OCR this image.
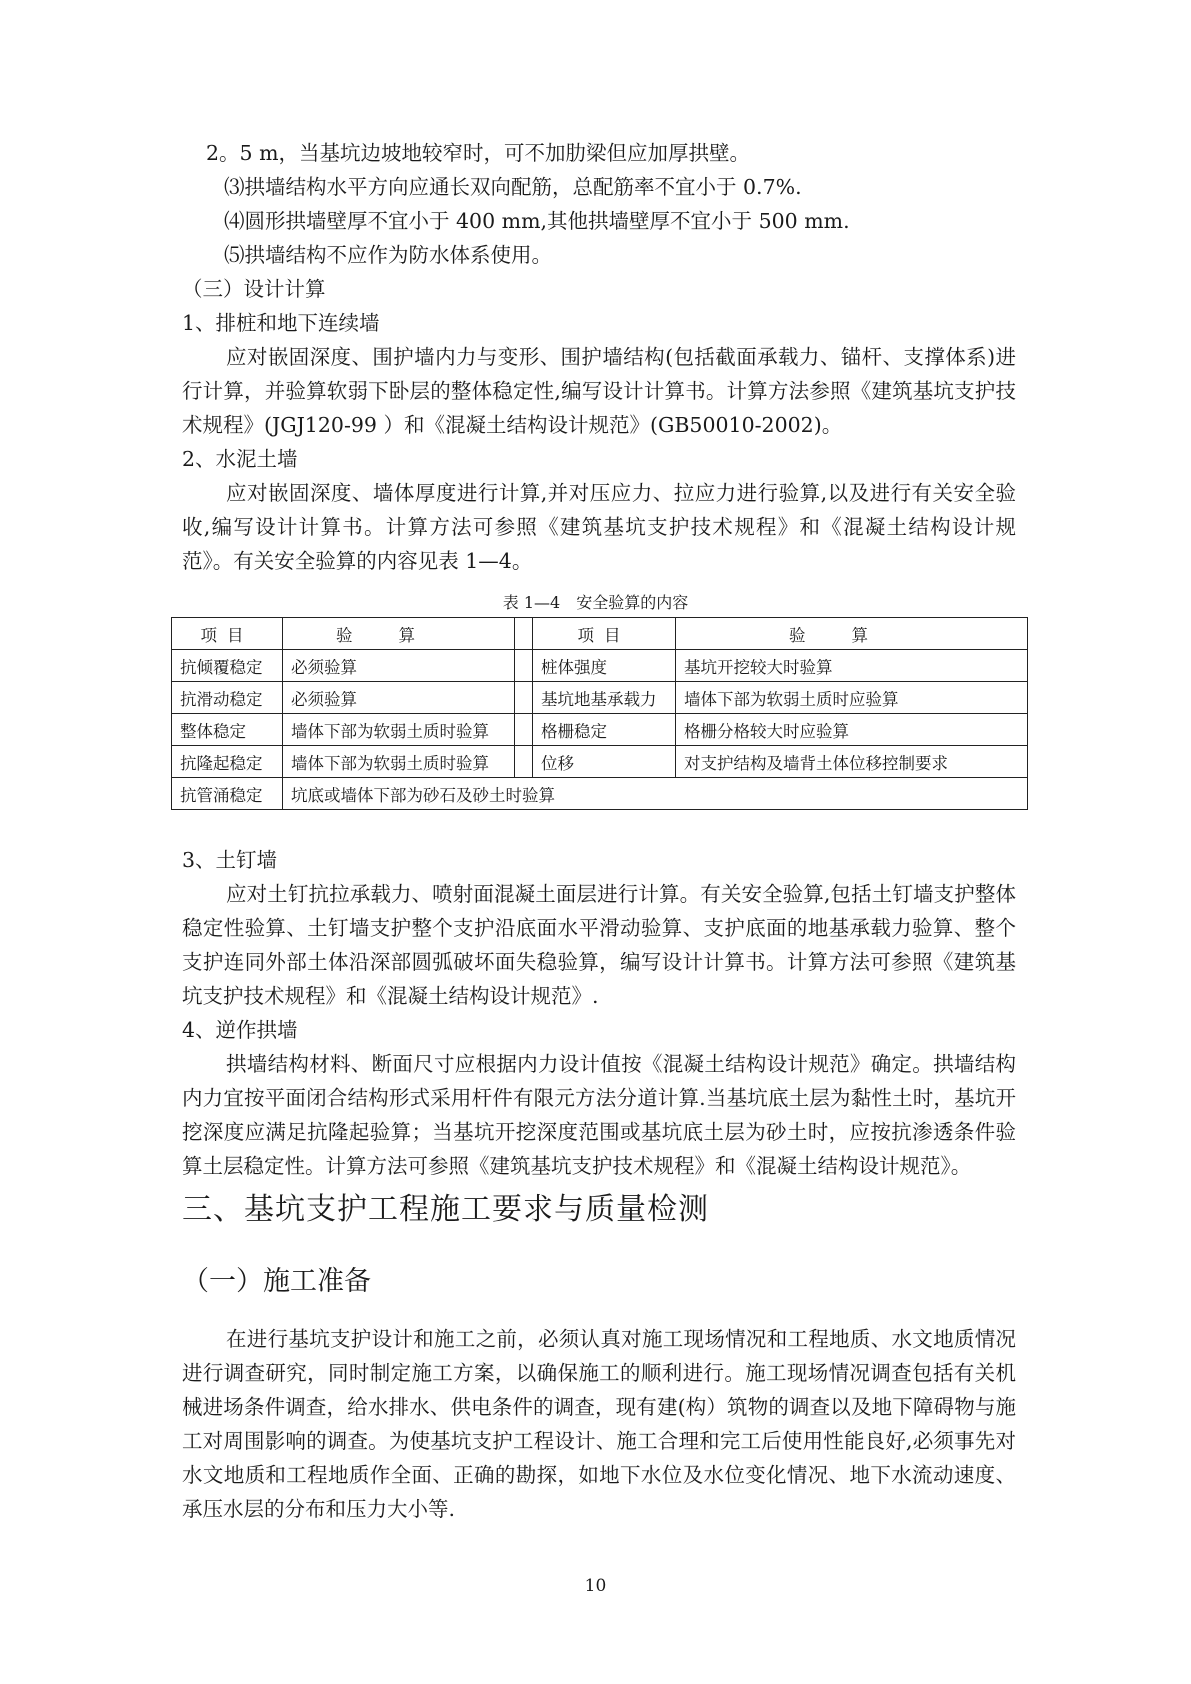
2。5 m，当基坑边坡地较窄时，可不加肋梁但应加厚拱壁。
⑶拱墙结构水平方向应通长双向配筋，总配筋率不宜小于 0.7%.
⑷圆形拱墙壁厚不宜小于 400 mm,其他拱墙壁厚不宜小于 500 mm.
⑸拱墙结构不应作为防水体系使用。
（三）设计计算
1、排桩和地下连续墙

应对嵌固深度、围护墙内力与变形、围护墙结构(包括截面承载力、锚杆、支撑体系)进行计算，并验算软弱下卧层的整体稳定性,编写设计计算书。计算方法参照《建筑基坑支护技术规程》(JGJ120-99 ）和《混凝土结构设计规范》(GB50010-2002)。

2、水泥土墙

应对嵌固深度、墙体厚度进行计算,并对压应力、拉应力进行验算,以及进行有关安全验收,编写设计计算书。计算方法可参照《建筑基坑支护技术规程》和《混凝土结构设计规范》。有关安全验算的内容见表 1—4。

表 1—4　安全验算的内容
项目	验算		项目	验算
抗倾覆稳定	必须验算		桩体强度	基坑开挖较大时验算
抗滑动稳定	必须验算		基坑地基承载力	墙体下部为软弱土质时应验算
整体稳定	墙体下部为软弱土质时验算		格栅稳定	格栅分格较大时应验算
抗隆起稳定	墙体下部为软弱土质时验算		位移	对支护结构及墙背土体位移控制要求
抗管涌稳定	坑底或墙体下部为砂石及砂土时验算			
3、土钉墙

应对土钉抗拉承载力、喷射面混凝土面层进行计算。有关安全验算,包括土钉墙支护整体稳定性验算、土钉墙支护整个支护沿底面水平滑动验算、支护底面的地基承载力验算、整个支护连同外部土体沿深部圆弧破坏面失稳验算，编写设计计算书。计算方法可参照《建筑基坑支护技术规程》和《混凝土结构设计规范》.

4、逆作拱墙

拱墙结构材料、断面尺寸应根据内力设计值按《混凝土结构设计规范》确定。拱墙结构内力宜按平面闭合结构形式采用杆件有限元方法分道计算.当基坑底土层为黏性土时，基坑开挖深度应满足抗隆起验算；当基坑开挖深度范围或基坑底土层为砂土时，应按抗渗透条件验算土层稳定性。计算方法可参照《建筑基坑支护技术规程》和《混凝土结构设计规范》。

三、基坑支护工程施工要求与质量检测
（一）施工准备

在进行基坑支护设计和施工之前，必须认真对施工现场情况和工程地质、水文地质情况进行调查研究，同时制定施工方案，以确保施工的顺利进行。施工现场情况调查包括有关机械进场条件调查，给水排水、供电条件的调查，现有建(构）筑物的调查以及地下障碍物与施工对周围影响的调查。为使基坑支护工程设计、施工合理和完工后使用性能良好,必须事先对水文地质和工程地质作全面、正确的勘探，如地下水位及水位变化情况、地下水流动速度、承压水层的分布和压力大小等.

10
